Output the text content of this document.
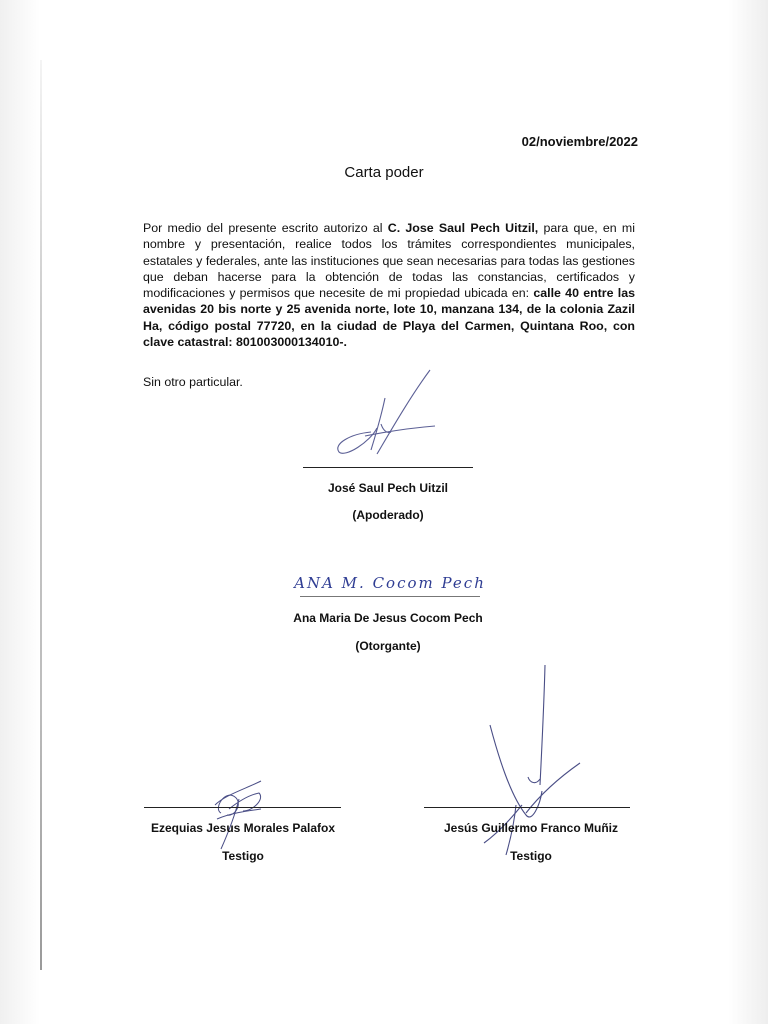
02/noviembre/2022
Carta poder
Por medio del presente escrito autorizo al C. Jose Saul Pech Uitzil, para que, en mi nombre y presentación, realice todos los trámites correspondientes municipales, estatales y federales, ante las instituciones que sean necesarias para todas las gestiones que deban hacerse para la obtención de todas las constancias, certificados y modificaciones y permisos que necesite de mi propiedad ubicada en: calle 40 entre las avenidas 20 bis norte y 25 avenida norte, lote 10, manzana 134, de la colonia Zazil Ha, código postal 77720, en la ciudad de Playa del Carmen, Quintana Roo, con clave catastral: 801003000134010-.
Sin otro particular.
José Saul Pech Uitzil
(Apoderado)
ANA M. Cocom Pech
Ana Maria De Jesus Cocom Pech
(Otorgante)
Ezequias Jesus Morales Palafox
Testigo
Jesús Guillermo Franco Muñiz
Testigo
